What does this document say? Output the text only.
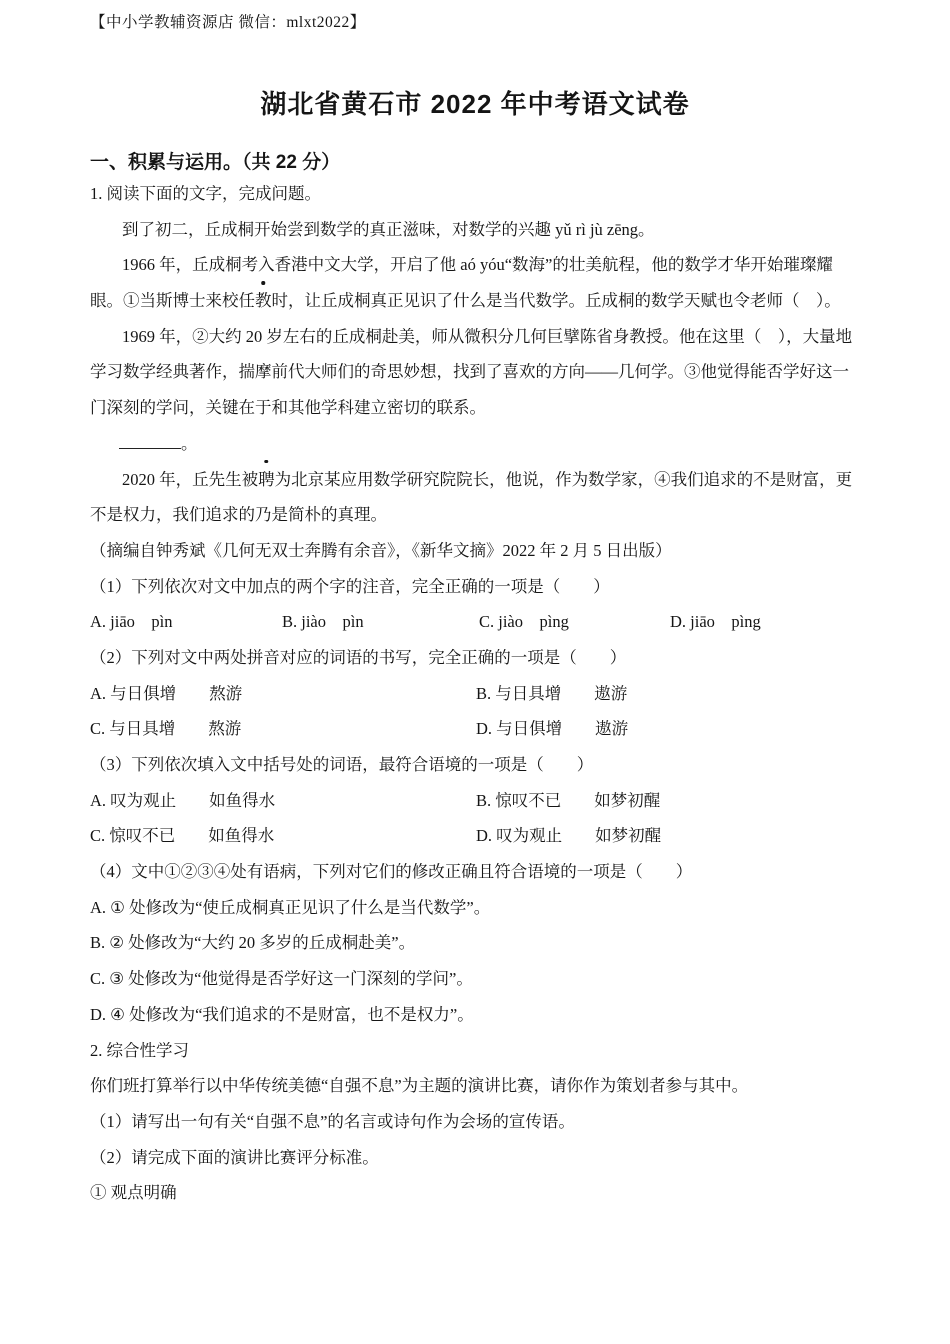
【中小学教辅资源店 微信：mlxt2022】
湖北省黄石市 2022 年中考语文试卷
一、积累与运用。（共 22 分）
1. 阅读下面的文字，完成问题。
到了初二，丘成桐开始尝到数学的真正滋味，对数学的兴趣 yǔ rì jù zēng。
1966 年，丘成桐考入香港中文大学，开启了他 aó yóu“数海”的壮美航程，他的数学才华开始璀璨耀
眼。①当斯博士来校任教时，让丘成桐真正见识了什么是当代数学。丘成桐的数学天赋也令老师（　）。
1969 年，②大约 20 岁左右的丘成桐赴美，师从微积分几何巨擘陈省身教授。他在这里（　），大量地
学习数学经典著作，揣摩前代大师们的奇思妙想，找到了喜欢的方向——几何学。③他觉得能否学好这一
门深刻的学问，关键在于和其他学科建立密切的联系。
。
2020 年，丘先生被聘为北京某应用数学研究院院长，他说，作为数学家，④我们追求的不是财富，更
不是权力，我们追求的乃是简朴的真理。
（摘编自钟秀斌《几何无双士奔腾有余音》，《新华文摘》2022 年 2 月 5 日出版）
（1）下列依次对文中加点的两个字的注音，完全正确的一项是（　　）

A. jiāo　pìn

	B. jiào　pìn

	C. jiào　pìng

	D. jiāo　pìng

（2）下列对文中两处拼音对应的词语的书写，完全正确的一项是（　　）

A. 与日俱增　　熬游

	B. 与日具增　　遨游

C. 与日具增　　熬游

	D. 与日俱增　　遨游

（3）下列依次填入文中括号处的词语，最符合语境的一项是（　　）

A. 叹为观止　　如鱼得水

	B. 惊叹不已　　如梦初醒

C. 惊叹不已　　如鱼得水

	D. 叹为观止　　如梦初醒

（4）文中①②③④处有语病，下列对它们的修改正确且符合语境的一项是（　　）
A. ① 处修改为“使丘成桐真正见识了什么是当代数学”。
B. ② 处修改为“大约 20 多岁的丘成桐赴美”。
C. ③ 处修改为“他觉得是否学好这一门深刻的学问”。
D. ④ 处修改为“我们追求的不是财富，也不是权力”。
2. 综合性学习
你们班打算举行以中华传统美德“自强不息”为主题的演讲比赛，请你作为策划者参与其中。
（1）请写出一句有关“自强不息”的名言或诗句作为会场的宣传语。
（2）请完成下面的演讲比赛评分标准。
① 观点明确
